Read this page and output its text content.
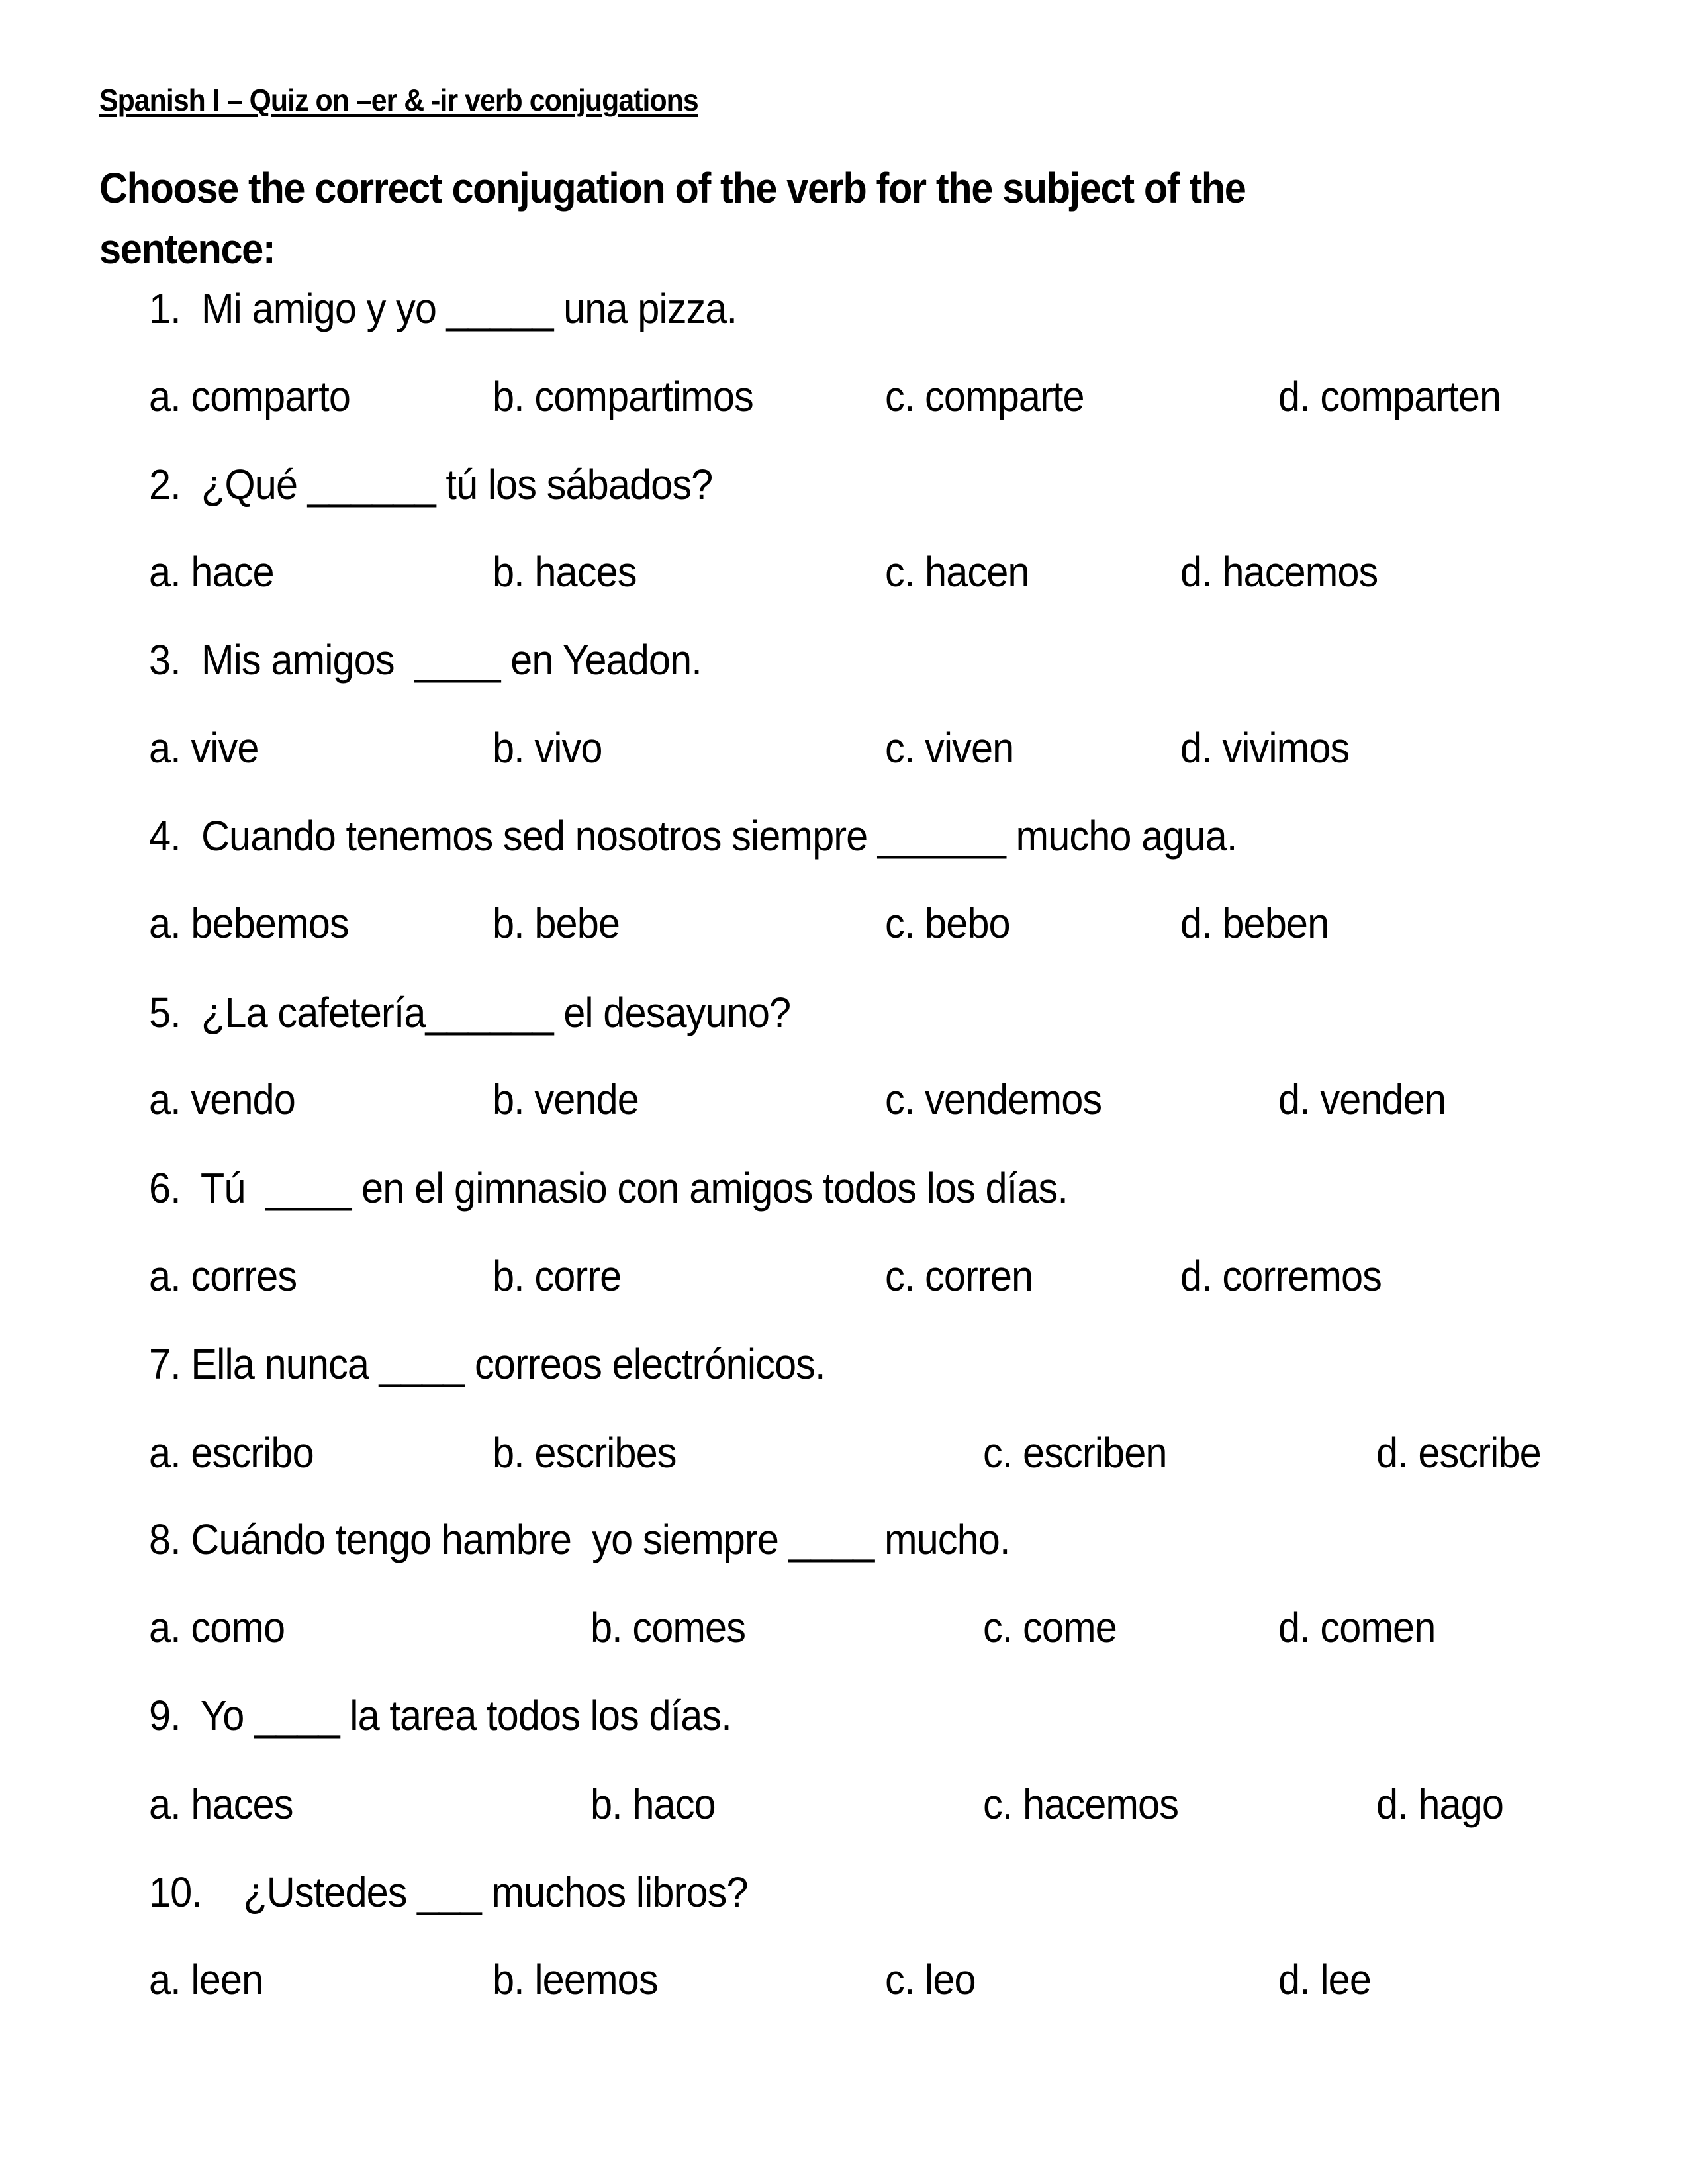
Spanish I – Quiz on –er & -ir verb conjugations
Choose the correct conjugation of the verb for the subject of the
sentence:
1.  Mi amigo y yo _____ una pizza.
a. comparto	b. compartimos	c. comparte	d. comparten
2.  ¿Qué ______ tú los sábados?
a. hace	b. haces	c. hacen	d. hacemos
3.  Mis amigos  ____ en Yeadon.
a. vive	b. vivo	c. viven	d. vivimos
4.  Cuando tenemos sed nosotros siempre ______ mucho agua.
a. bebemos	b. bebe	c. bebo	d. beben
5.  ¿La cafetería______ el desayuno?
a. vendo	b. vende	c. vendemos	d. venden
6.  Tú  ____ en el gimnasio con amigos todos los días.
a. corres	b. corre	c. corren	d. corremos
7. Ella nunca ____ correos electrónicos.
a. escribo	b. escribes	c. escriben	d. escribe
8. Cuándo tengo hambre  yo siempre ____ mucho.
a. como	b. comes	c. come	d. comen
9.  Yo ____ la tarea todos los días.
a. haces	b. haco	c. hacemos	d. hago
10.    ¿Ustedes ___ muchos libros?
a. leen	b. leemos	c. leo	d. lee
